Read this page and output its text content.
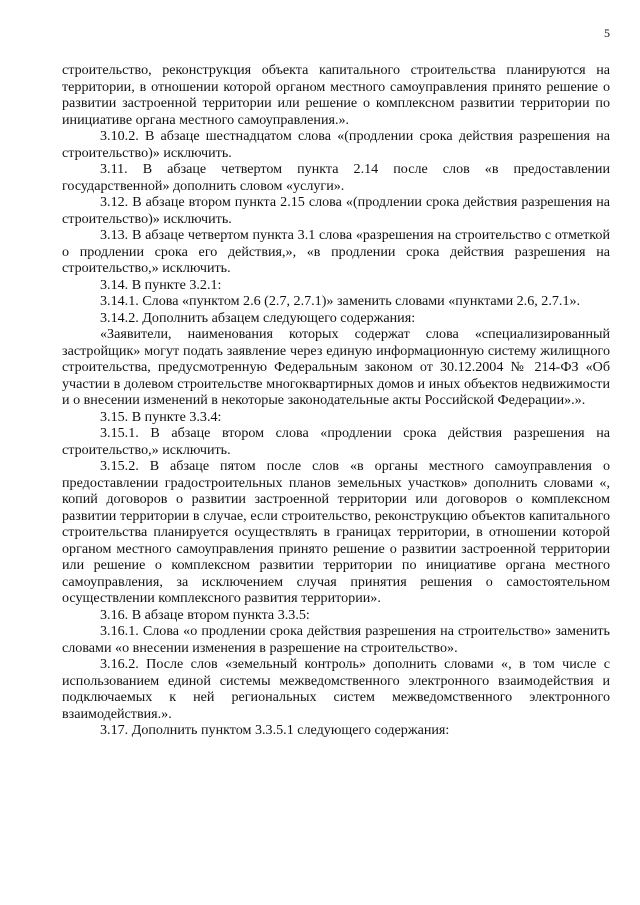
5

строительство, реконструкция объекта капитального строительства планируются на территории, в отношении которой органом местного самоуправления принято решение о развитии застроенной территории или решение о комплексном развитии территории по инициативе органа местного самоуправления.».

3.10.2. В абзаце шестнадцатом слова «(продлении срока действия разрешения на строительство)» исключить.

3.11. В абзаце четвертом пункта 2.14 после слов «в предоставлении государственной» дополнить словом «услуги».

3.12. В абзаце втором пункта 2.15 слова «(продлении срока действия разрешения на строительство)» исключить.

3.13. В абзаце четвертом пункта 3.1 слова «разрешения на строительство с отметкой о продлении срока его действия,», «в продлении срока действия разрешения на строительство,» исключить.

3.14. В пункте 3.2.1:

3.14.1. Слова «пунктом 2.6 (2.7, 2.7.1)» заменить словами «пунктами 2.6, 2.7.1».

3.14.2. Дополнить абзацем следующего содержания:

«Заявители, наименования которых содержат слова «специализированный застройщик» могут подать заявление через единую информационную систему жилищного строительства, предусмотренную Федеральным законом от 30.12.2004 № 214-ФЗ «Об участии в долевом строительстве многоквартирных домов и иных объектов недвижимости и о внесении изменений в некоторые законодательные акты Российской Федерации».».

3.15. В пункте 3.3.4:

3.15.1. В абзаце втором слова «продлении срока действия разрешения на строительство,» исключить.

3.15.2. В абзаце пятом после слов «в органы местного самоуправления о предоставлении градостроительных планов земельных участков» дополнить словами «, копий договоров о развитии застроенной территории или договоров о комплексном развитии территории в случае, если строительство, реконструкцию объектов капитального строительства планируется осуществлять в границах территории, в отношении которой органом местного самоуправления принято решение о развитии застроенной территории или решение о комплексном развитии территории по инициативе органа местного самоуправления, за исключением случая принятия решения о самостоятельном осуществлении комплексного развития территории».

3.16. В абзаце втором пункта 3.3.5:

3.16.1. Слова «о продлении срока действия разрешения на строительство» заменить словами «о внесении изменения в разрешение на строительство».

3.16.2. После слов «земельный контроль» дополнить словами «, в том числе с использованием единой системы межведомственного электронного взаимодействия и подключаемых к ней региональных систем межведомственного электронного взаимодействия.».

3.17. Дополнить пунктом 3.3.5.1 следующего содержания:
